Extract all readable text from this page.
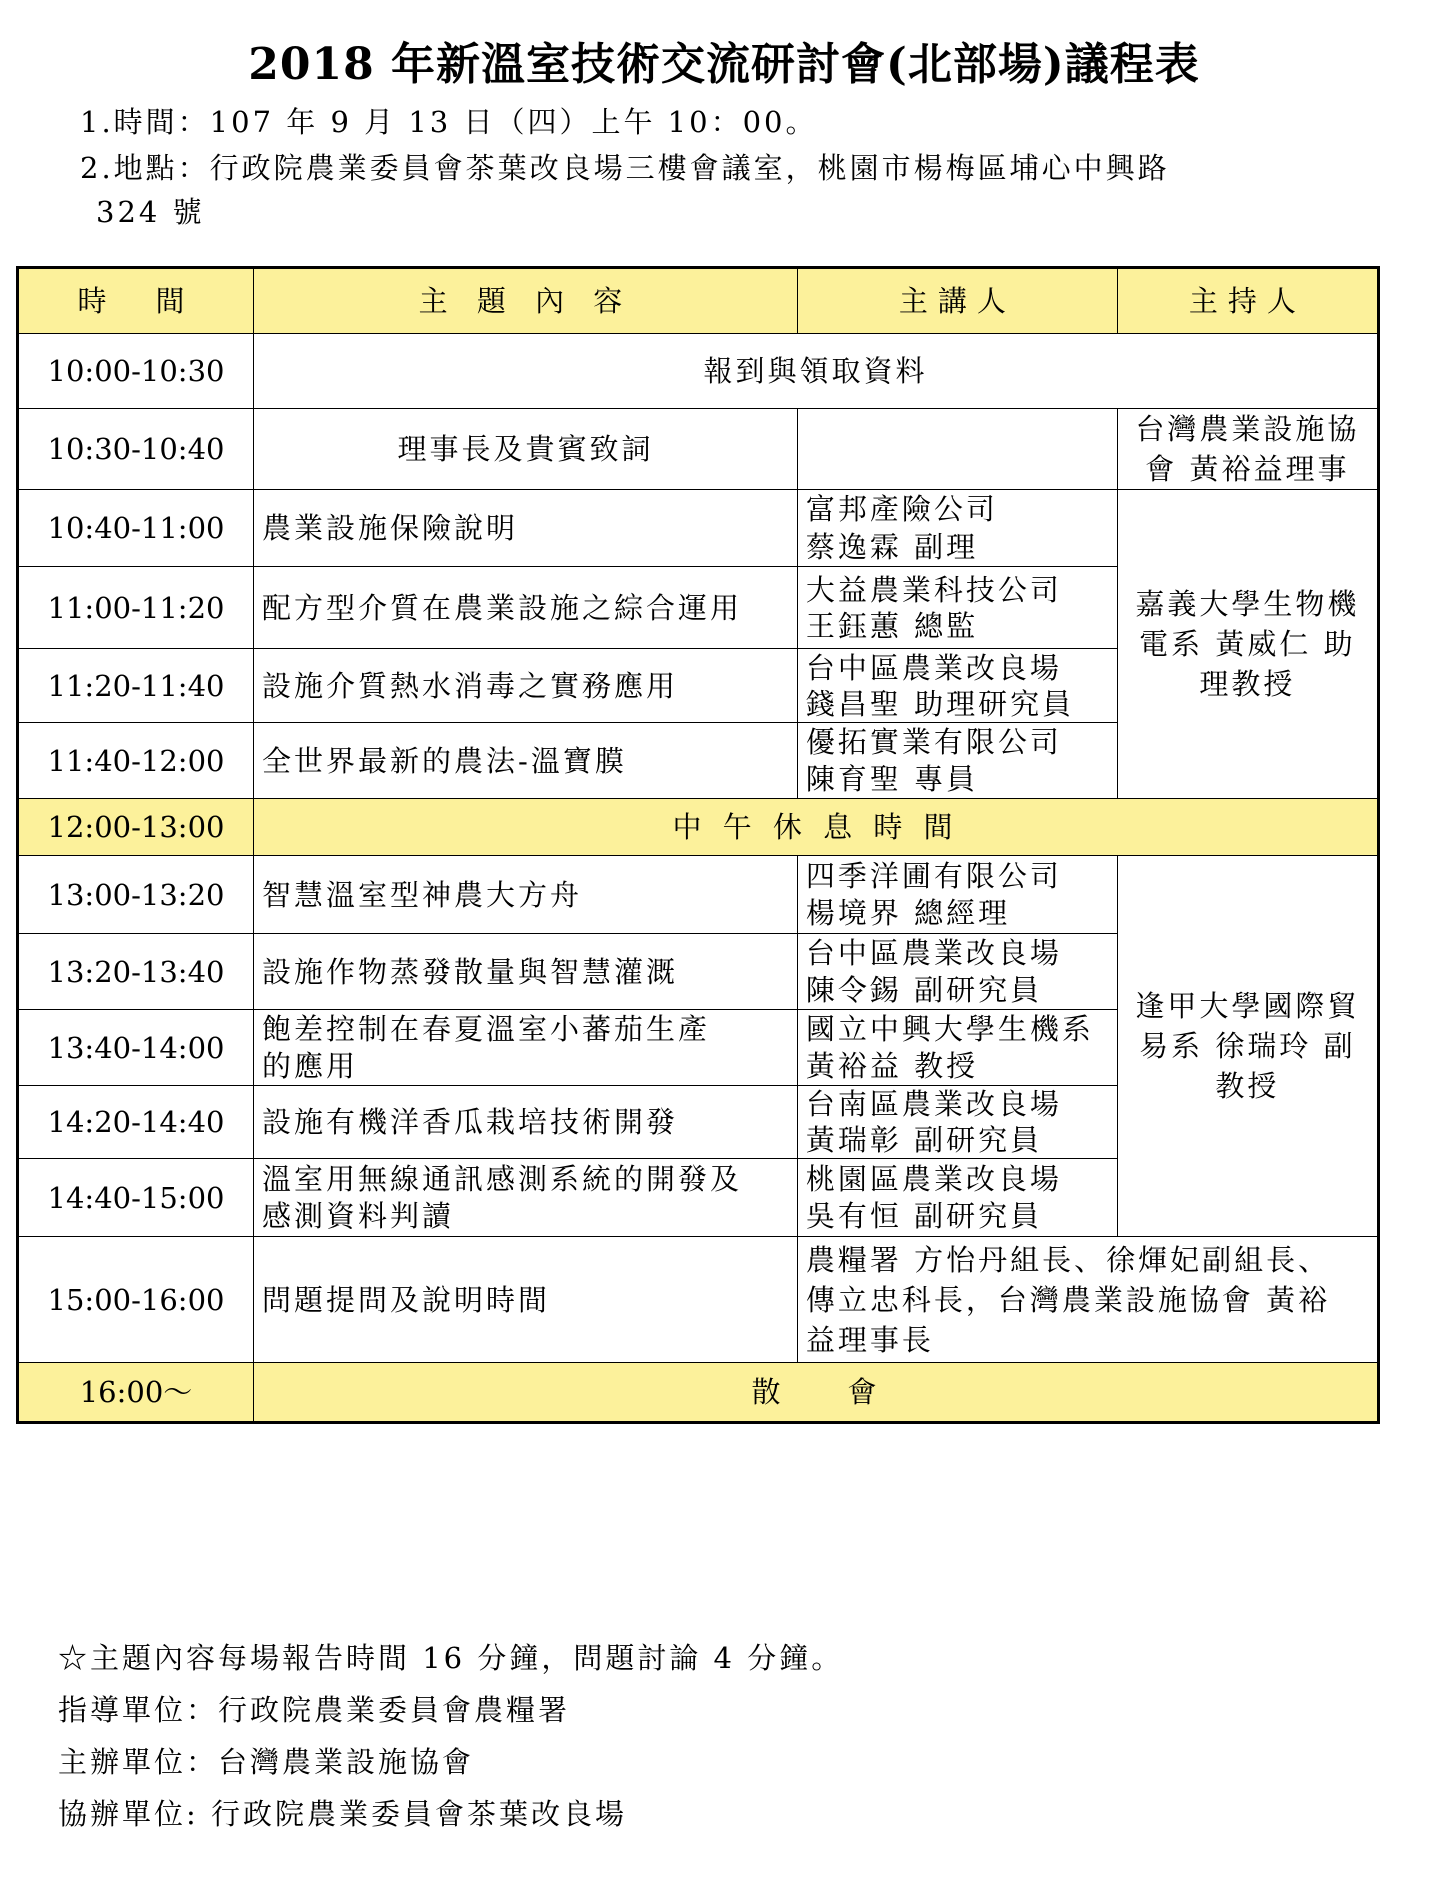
2018 年新溫室技術交流研討會(北部場)議程表
1.時間：107 年 9 月 13 日（四）上午 10：00。
2.地點：行政院農業委員會茶葉改良場三樓會議室，桃園市楊梅區埔心中興路
324 號
時　間	主 題 內 容	主講人	主持人
10:00-10:30	報到與領取資料		
10:30-10:40	理事長及貴賓致詞		台灣農業設施協
會 黃裕益理事

10:40-11:00	農業設施保險說明	富邦產險公司
蔡逸霖 副理	嘉義大學生物機
電系 黃威仁 助
理教授

11:00-11:20	配方型介質在農業設施之綜合運用	大益農業科技公司
王鈺蕙 總監	

11:20-11:40	設施介質熱水消毒之實務應用	台中區農業改良場
錢昌聖 助理研究員	

11:40-12:00	全世界最新的農法-溫寶膜	優拓實業有限公司
陳育聖 專員	

12:00-13:00	中 午 休 息 時 間		
13:00-13:20	智慧溫室型神農大方舟	四季洋圃有限公司
楊境界 總經理	逢甲大學國際貿
易系 徐瑞玲 副
教授

13:20-13:40	設施作物蒸發散量與智慧灌溉	台中區農業改良場
陳令錫 副研究員	

13:40-14:00	飽差控制在春夏溫室小蕃茄生產
的應用	國立中興大學生機系
黃裕益 教授	

14:20-14:40	設施有機洋香瓜栽培技術開發	台南區農業改良場
黃瑞彰 副研究員	

14:40-15:00	溫室用無線通訊感測系統的開發及
感測資料判讀	桃園區農業改良場
吳有恒 副研究員	

15:00-16:00	問題提問及說明時間	農糧署 方怡丹組長、徐煇妃副組長、
傳立忠科長，台灣農業設施協會 黃裕
益理事長	

16:00～	散　　會		
☆主題內容每場報告時間 16 分鐘，問題討論 4 分鐘。
指導單位：行政院農業委員會農糧署
主辦單位：台灣農業設施協會
協辦單位: 行政院農業委員會茶葉改良場
